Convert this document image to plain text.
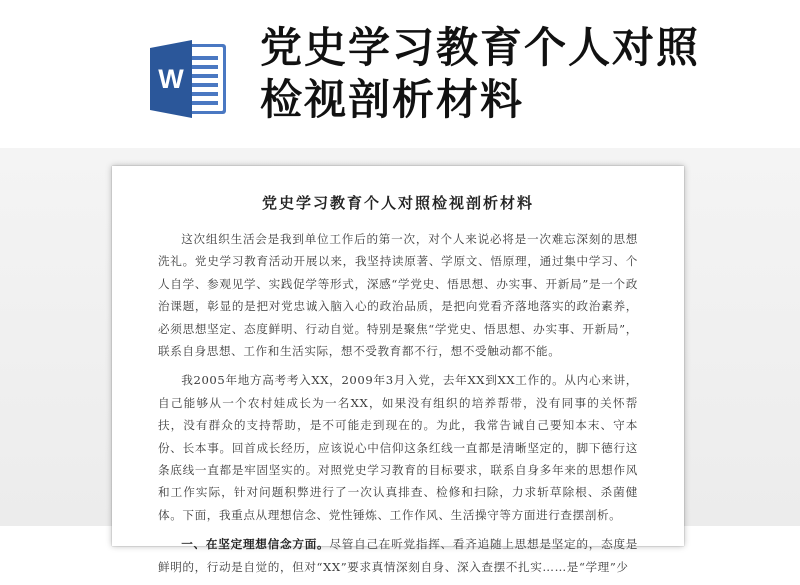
W
党史学习教育个人对照检视剖析材料
党史学习教育个人对照检视剖析材料

这次组织生活会是我到单位工作后的第一次，对个人来说必将是一次难忘深刻的思想洗礼。党史学习教育活动开展以来，我坚持读原著、学原文、悟原理，通过集中学习、个人自学、参观见学、实践促学等形式，深感“学党史、悟思想、办实事、开新局”是一个政治课题，彰显的是把对党忠诚入脑入心的政治品质，是把向党看齐落地落实的政治素养，必须思想坚定、态度鲜明、行动自觉。特别是聚焦“学党史、悟思想、办实事、开新局”，联系自身思想、工作和生活实际，想不受教育都不行，想不受触动都不能。

我2005年地方高考考入XX，2009年3月入党，去年XX到XX工作的。从内心来讲，自己能够从一个农村娃成长为一名XX，如果没有组织的培养帮带，没有同事的关怀帮扶，没有群众的支持帮助，是不可能走到现在的。为此，我常告诫自己要知本末、守本份、长本事。回首成长经历，应该说心中信仰这条红线一直都是清晰坚定的，脚下德行这条底线一直都是牢固坚实的。对照党史学习教育的目标要求，联系自身多年来的思想作风和工作实际，针对问题积弊进行了一次认真排查、检修和扫除，力求斩草除根、杀菌健体。下面，我重点从理想信念、党性锤炼、工作作风、生活操守等方面进行查摆剖析。

一、在坚定理想信念方面。尽管自己在听党指挥、看齐追随上思想是坚定的，态度是鲜明的，行动是自觉的，但对“XX”要求真情深刻自身、深入查摆不扎实……是“学理”少
